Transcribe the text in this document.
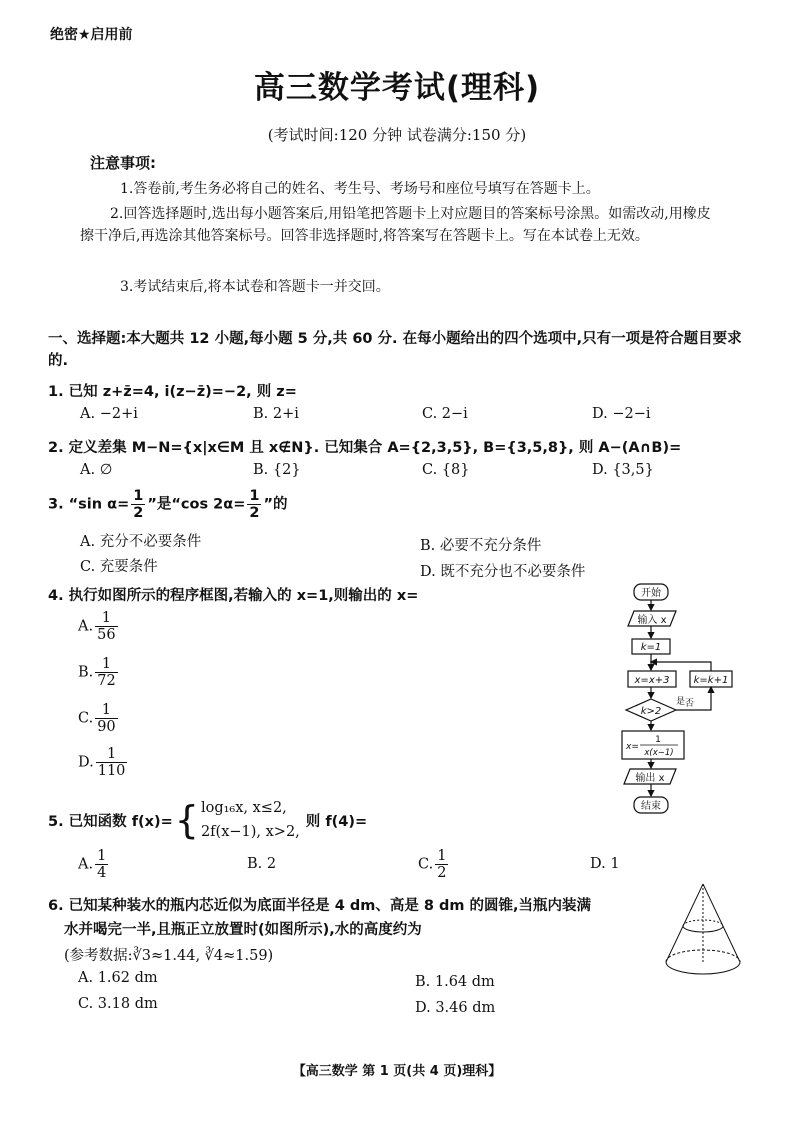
绝密★启用前
高三数学考试(理科)
(考试时间:120 分钟 试卷满分:150 分)
注意事项:
1.答卷前,考生务必将自己的姓名、考生号、考场号和座位号填写在答题卡上。
2.回答选择题时,选出每小题答案后,用铅笔把答题卡上对应题目的答案标号涂黑。如需改动,用橡皮擦干净后,再选涂其他答案标号。回答非选择题时,将答案写在答题卡上。写在本试卷上无效。
3.考试结束后,将本试卷和答题卡一并交回。
一、选择题:本大题共 12 小题,每小题 5 分,共 60 分. 在每小题给出的四个选项中,只有一项是符合题目要求的.
1. 已知 z+z̄=4, i(z−z̄)=−2, 则 z=
A. −2+i	B. 2+i	C. 2−i	D. −2−i
2. 定义差集 M−N={x|x∈M 且 x∉N}. 已知集合 A={2,3,5}, B={3,5,8}, 则 A−(A∩B)=
A. ∅	B. {2}	C. {8}	D. {3,5}
3. “sin $\alpha= \frac{1}{2}$ ”是“cos $2\alpha= \frac{1}{2}$ ”的
A. 充分不必要条件	B. 必要不充分条件
C. 充要条件	D. 既不充分也不必要条件
4. 执行如图所示的程序框图,若输入的 x=1,则输出的 x=
A. $\frac{1}{56}$
B. $\frac{1}{72}$
C. $\frac{1}{90}$
D. $\frac{1}{110}$
开始
输入 x
k=1
x=x+3 k=k+1
k>2
是 否
x=
1
x(x−1)
输出 x
结束
5. 已知函数 f(x)= { log₁₆x, x≤2,
2f(x−1), x>2,
则 f(4)=
A. $\frac{1}{4}$	B. 2	C. $\frac{1}{2}$	D. 1
6. 已知某种装水的瓶内芯近似为底面半径是 4 dm、高是 8 dm 的圆锥,当瓶内装满
水并喝完一半,且瓶正立放置时(如图所示),水的高度约为
(参考数据:∛3≈1.44, ∛4≈1.59)
A. 1.62 dm	B. 1.64 dm
C. 3.18 dm	D. 3.46 dm
【高三数学 第 1 页(共 4 页)理科】
